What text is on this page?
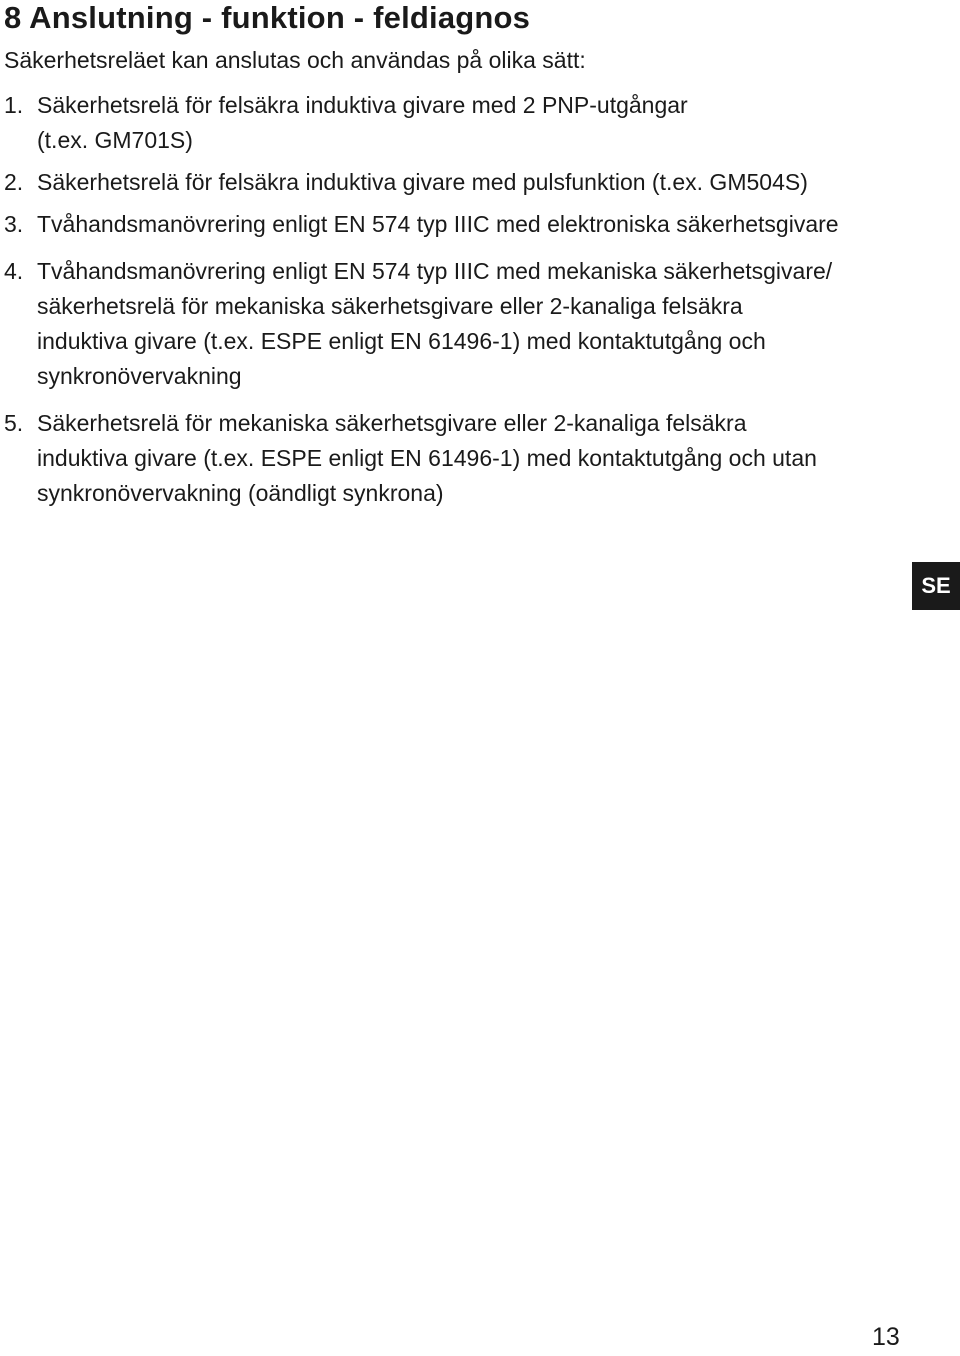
8 Anslutning - funktion - feldiagnos

Säkerhetsreläet kan anslutas och användas på olika sätt:

1. Säkerhetsrelä för felsäkra induktiva givare med 2 PNP-utgångar
(t.ex. GM701S)
2. Säkerhetsrelä för felsäkra induktiva givare med pulsfunktion (t.ex. GM504S)
3. Tvåhandsmanövrering enligt EN 574 typ IIIC med elektroniska säkerhetsgivare
4. Tvåhandsmanövrering enligt EN 574 typ IIIC med mekaniska säkerhetsgivare/
säkerhetsrelä för mekaniska säkerhetsgivare eller 2-kanaliga felsäkra
induktiva givare (t.ex. ESPE enligt EN 61496-1) med kontaktutgång och
synkronövervakning
5. Säkerhetsrelä för mekaniska säkerhetsgivare eller 2-kanaliga felsäkra
induktiva givare (t.ex. ESPE enligt EN 61496-1) med kontaktutgång och utan
synkronövervakning (oändligt synkrona)
SE
13
